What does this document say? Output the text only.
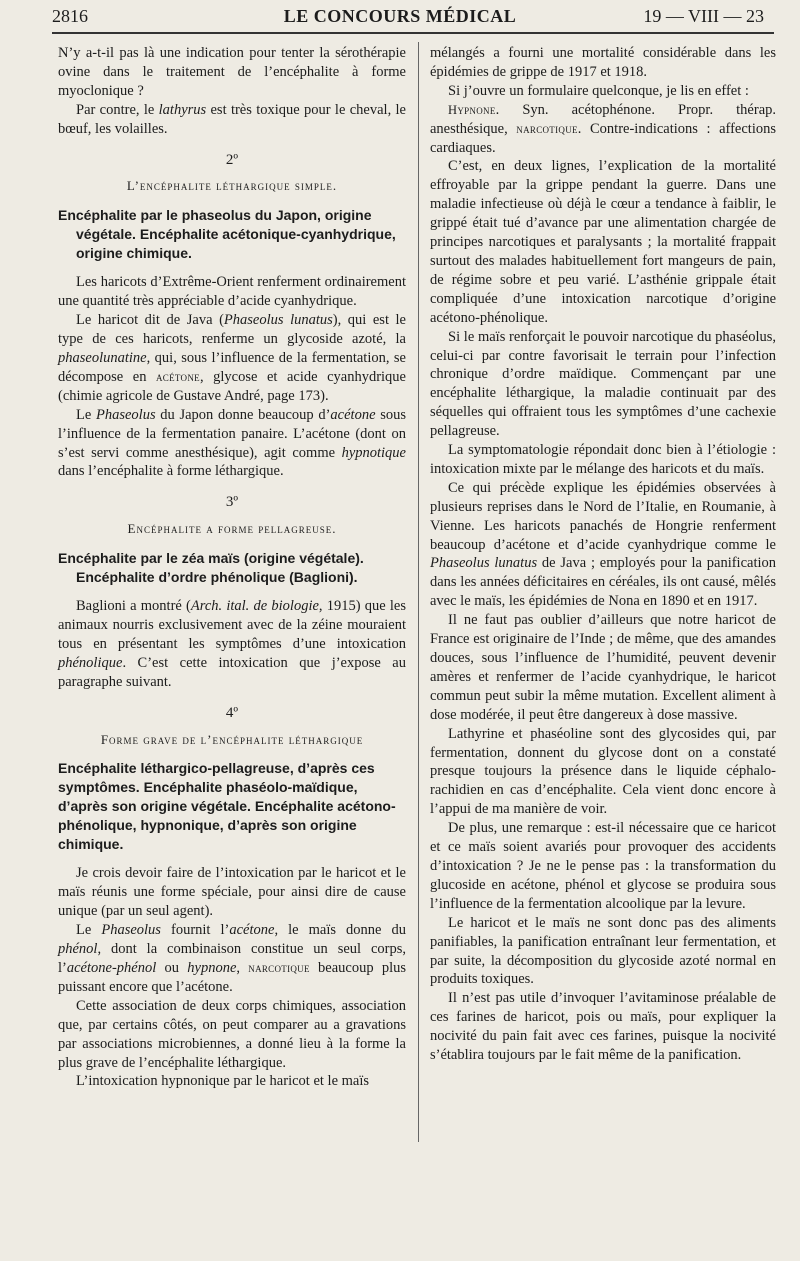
2816	LE CONCOURS MÉDICAL	19 — VIII — 23

N’y a-t-il pas là une indication pour tenter la sérothérapie ovine dans le traitement de l’encéphalite à forme myoclonique ?

Par contre, le lathyrus est très toxique pour le cheval, le bœuf, les volailles.

2º
L’encéphalite léthargique simple.
Encéphalite par le phaseolus du Japon, origine végétale. Encéphalite acétonique-cyanhydrique, origine chimique.

Les haricots d’Extrême-Orient renferment ordinairement une quantité très appréciable d’acide cyanhydrique.

Le haricot dit de Java (Phaseolus lunatus), qui est le type de ces haricots, renferme un glycoside azoté, la phaseolunatine, qui, sous l’influence de la fermentation, se décompose en acétone, glycose et acide cyanhydrique (chimie agricole de Gustave André, page 173).

Le Phaseolus du Japon donne beaucoup d’acétone sous l’influence de la fermentation panaire. L’acétone (dont on s’est servi comme anesthésique), agit comme hypnotique dans l’encéphalite à forme léthargique.

3º
Encéphalite a forme pellagreuse.
Encéphalite par le zéa maïs (origine végétale). Encéphalite d’ordre phénolique (Baglioni).

Baglioni a montré (Arch. ital. de biologie, 1915) que les animaux nourris exclusivement avec de la zéine mouraient tous en présentant les symptômes d’une intoxication phénolique. C’est cette intoxication que j’expose au paragraphe suivant.

4º
Forme grave de l’encéphalite léthargique
Encéphalite léthargico-pellagreuse, d’après ces symptômes. Encéphalite phaséolo-maïdique, d’après son origine végétale. Encéphalite acétono-phénolique, hypnonique, d’après son origine chimique.

Je crois devoir faire de l’intoxication par le haricot et le maïs réunis une forme spéciale, pour ainsi dire de cause unique (par un seul agent).

Le Phaseolus fournit l’acétone, le maïs donne du phénol, dont la combinaison constitue un seul corps, l’acétone-phénol ou hypnone, narcotique beaucoup plus puissant encore que l’acétone.

Cette association de deux corps chimiques, association que, par certains côtés, on peut comparer au a gravations par associations microbiennes, a donné lieu à la forme la plus grave de l’encéphalite léthargique.

L’intoxication hypnonique par le haricot et le maïs

mélangés a fourni une mortalité considérable dans les épidémies de grippe de 1917 et 1918.

Si j’ouvre un formulaire quelconque, je lis en effet :

Hypnone. Syn. acétophénone. Propr. thérap. anesthésique, narcotique. Contre-indications : affections cardiaques.

C’est, en deux lignes, l’explication de la mortalité effroyable par la grippe pendant la guerre. Dans une maladie infectieuse où déjà le cœur a tendance à faiblir, le grippé était tué d’avance par une alimentation chargée de principes narcotiques et paralysants ; la mortalité frappait surtout des malades habituellement fort mangeurs de pain, de régime sobre et peu varié. L’asthénie grippale était compliquée d’une intoxication narcotique d’origine acétono-phénolique.

Si le maïs renforçait le pouvoir narcotique du phaséolus, celui-ci par contre favorisait le terrain pour l’infection chronique d’ordre maïdique. Commençant par une encéphalite léthargique, la maladie continuait par des séquelles qui offraient tous les symptômes d’une cachexie pellagreuse.

La symptomatologie répondait donc bien à l’étiologie : intoxication mixte par le mélange des haricots et du maïs.

Ce qui précède explique les épidémies observées à plusieurs reprises dans le Nord de l’Italie, en Roumanie, à Vienne. Les haricots panachés de Hongrie renferment beaucoup d’acétone et d’acide cyanhydrique comme le Phaseolus lunatus de Java ; employés pour la panification dans les années déficitaires en céréales, ils ont causé, mêlés avec le maïs, les épidémies de Nona en 1890 et en 1917.

Il ne faut pas oublier d’ailleurs que notre haricot de France est originaire de l’Inde ; de même, que des amandes douces, sous l’influence de l’humidité, peuvent devenir amères et renfermer de l’acide cyanhydrique, le haricot commun peut subir la même mutation. Excellent aliment à dose modérée, il peut être dangereux à dose massive.

Lathyrine et phaséoline sont des glycosides qui, par fermentation, donnent du glycose dont on a constaté presque toujours la présence dans le liquide céphalo-rachidien en cas d’encéphalite. Cela vient donc encore à l’appui de ma manière de voir.

De plus, une remarque : est-il nécessaire que ce haricot et ce maïs soient avariés pour provoquer des accidents d’intoxication ? Je ne le pense pas : la transformation du glucoside en acétone, phénol et glycose se produira sous l’influence de la fermentation alcoolique par la levure.

Le haricot et le maïs ne sont donc pas des aliments panifiables, la panification entraînant leur fermentation, et par suite, la décomposition du glycoside azoté normal en produits toxiques.

Il n’est pas utile d’invoquer l’avitaminose préalable de ces farines de haricot, pois ou maïs, pour expliquer la nocivité du pain fait avec ces farines, puisque la nocivité s’établira toujours par le fait même de la panification.
